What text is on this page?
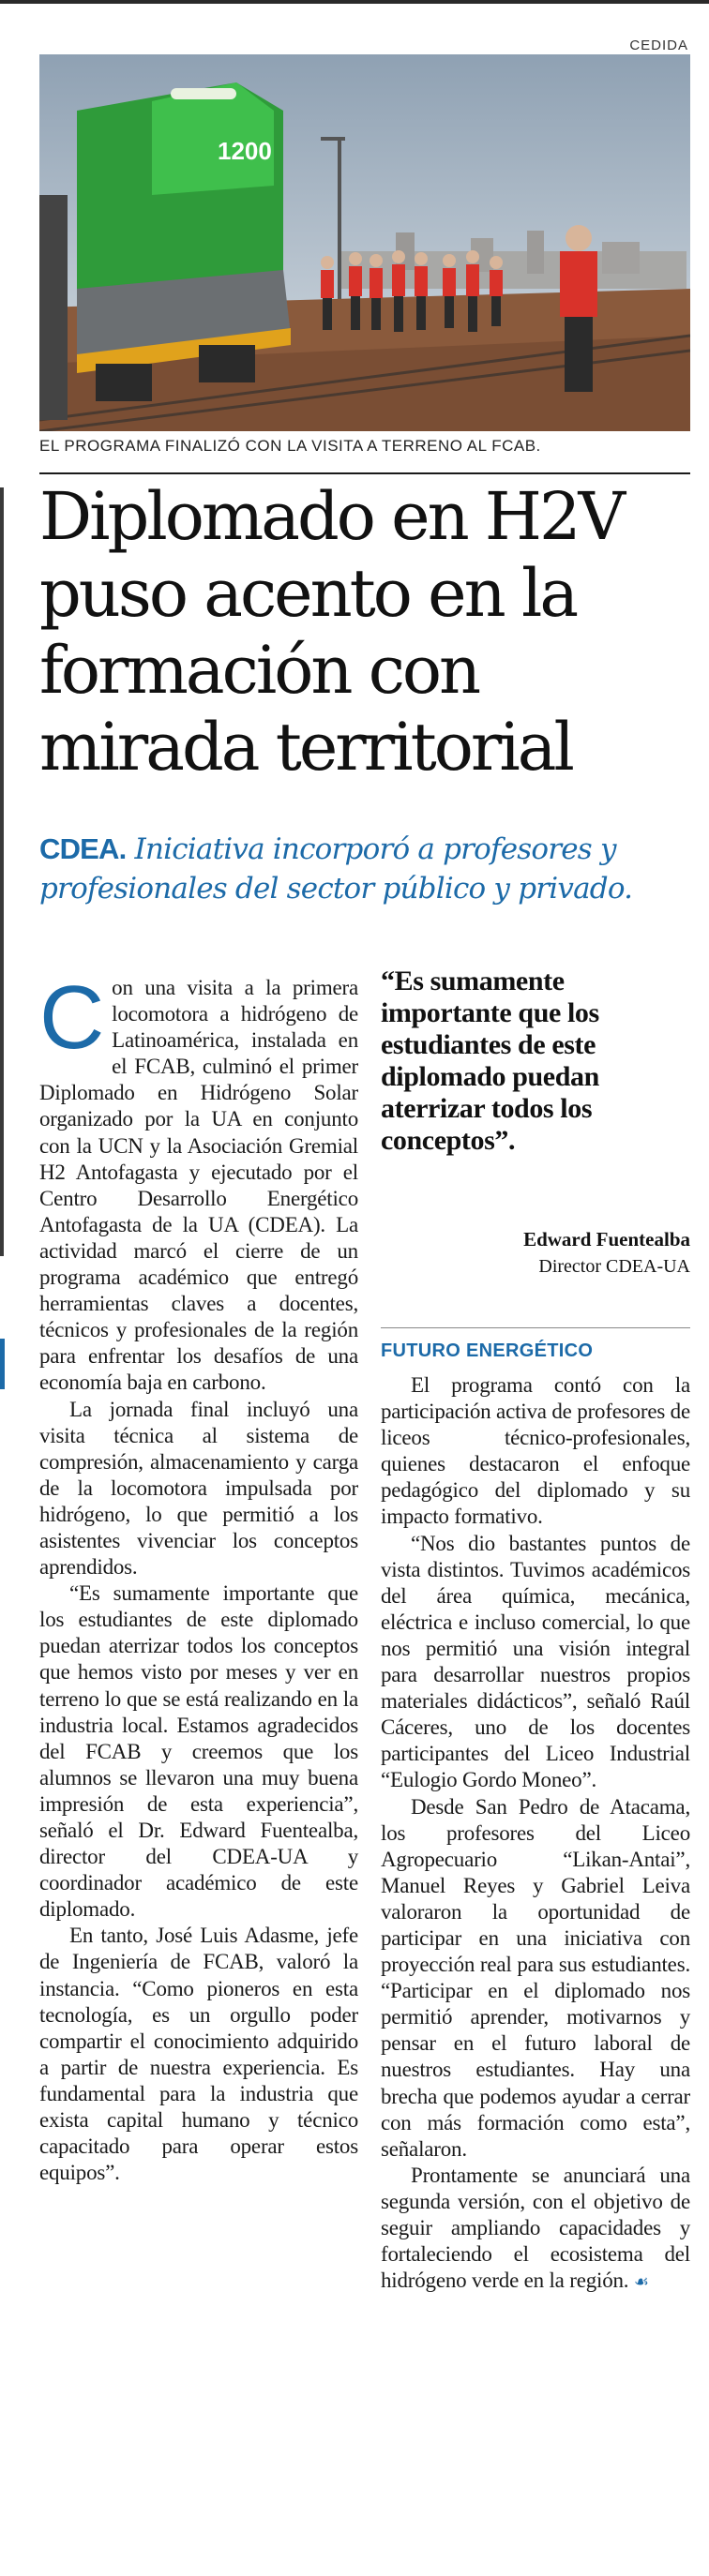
CEDIDA
1200
EL PROGRAMA FINALIZÓ CON LA VISITA A TERRENO AL FCAB.
Diplomado en H2V puso acento en la formación con mirada territorial
CDEA. Iniciativa incorporó a profesores y profesionales del sector público y privado.

Con una visita a la primera locomotora a hidrógeno de Latinoamérica, instalada en el FCAB, culminó el primer Diplomado en Hidrógeno Solar organizado por la UA en conjunto con la UCN y la Asociación Gremial H2 Antofagasta y ejecutado por el Centro Desarrollo Energético Antofagasta de la UA (CDEA). La actividad marcó el cierre de un programa académico que entregó herramientas claves a docentes, técnicos y profesionales de la región para enfrentar los desafíos de una economía baja en carbono.

La jornada final incluyó una visita técnica al sistema de compresión, almacenamiento y carga de la locomotora impulsada por hidrógeno, lo que permitió a los asistentes vivenciar los conceptos aprendidos.

“Es sumamente importante que los estudiantes de este diplomado puedan aterrizar todos los conceptos que hemos visto por meses y ver en terreno lo que se está realizando en la industria local. Estamos agradecidos del FCAB y creemos que los alumnos se llevaron una muy buena impresión de esta experiencia”, señaló el Dr. Edward Fuentealba, director del CDEA-UA y coordinador académico de este diplomado.

En tanto, José Luis Adasme, jefe de Ingeniería de FCAB, valoró la instancia. “Como pioneros en esta tecnología, es un orgullo poder compartir el conocimiento adquirido a partir de nuestra experiencia. Es fundamental para la industria que exista capital humano y técnico capacitado para operar estos equipos”.

“Es sumamente importante que los estudiantes de este diplomado puedan aterrizar todos los conceptos”.
Edward Fuentealba
Director CDEA-UA
FUTURO ENERGÉTICO

El programa contó con la participación activa de profesores de liceos técnico-profesionales, quienes destacaron el enfoque pedagógico del diplomado y su impacto formativo.

“Nos dio bastantes puntos de vista distintos. Tuvimos académicos del área química, mecánica, eléctrica e incluso comercial, lo que nos permitió una visión integral para desarrollar nuestros propios materiales didácticos”, señaló Raúl Cáceres, uno de los docentes participantes del Liceo Industrial “Eulogio Gordo Moneo”.

Desde San Pedro de Atacama, los profesores del Liceo Agropecuario “Likan-Antai”, Manuel Reyes y Gabriel Leiva valoraron la oportunidad de participar en una iniciativa con proyección real para sus estudiantes. “Participar en el diplomado nos permitió aprender, motivarnos y pensar en el futuro laboral de nuestros estudiantes. Hay una brecha que podemos ayudar a cerrar con más formación como esta”, señalaron.

Prontamente se anunciará una segunda versión, con el objetivo de seguir ampliando capacidades y fortaleciendo el ecosistema del hidrógeno verde en la región. ☙
